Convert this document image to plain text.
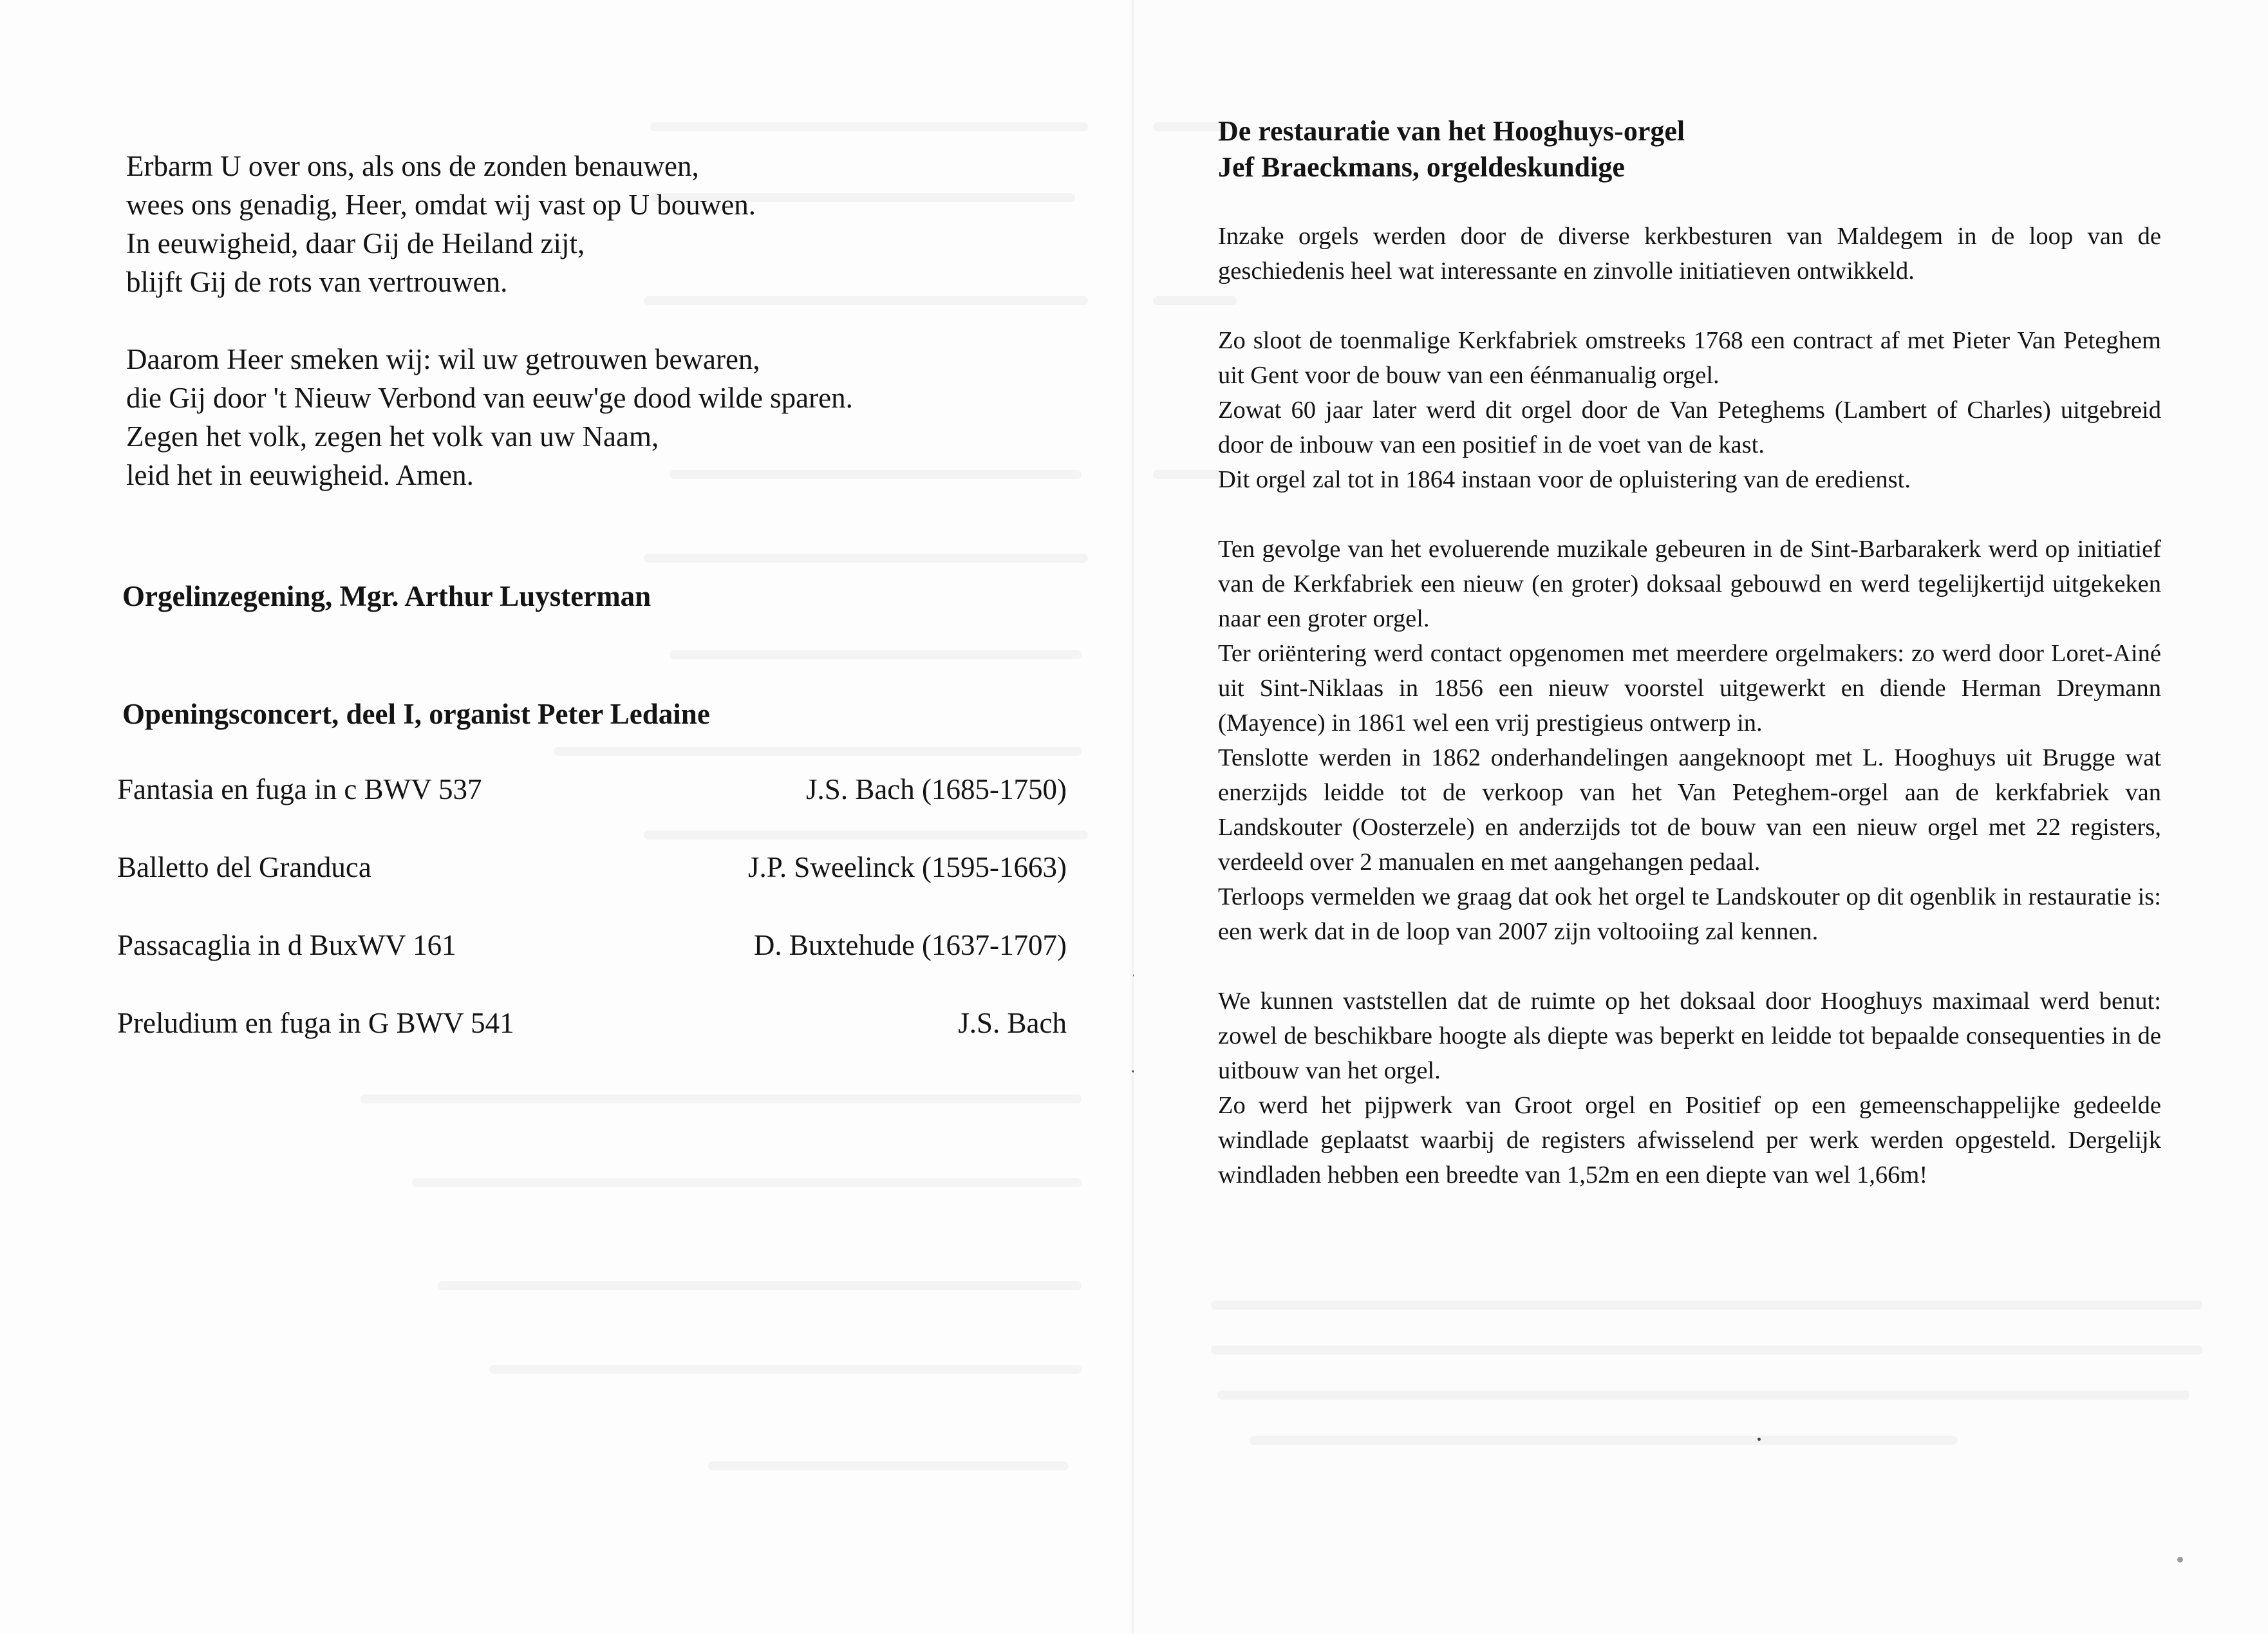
Erbarm U over ons, als ons de zonden benauwen,
wees ons genadig, Heer, omdat wij vast op U bouwen.
In eeuwigheid, daar Gij de Heiland zijt,
blijft Gij de rots van vertrouwen.
Daarom Heer smeken wij: wil uw getrouwen bewaren,
die Gij door 't Nieuw Verbond van eeuw'ge dood wilde sparen.
Zegen het volk, zegen het volk van uw Naam,
leid het in eeuwigheid. Amen.
Orgelinzegening, Mgr. Arthur Luysterman
Openingsconcert, deel I, organist Peter Ledaine
Fantasia en fuga in c BWV 537	J.S. Bach (1685-1750)
Balletto del Granduca	J.P. Sweelinck (1595-1663)
Passacaglia in d BuxWV 161	D. Buxtehude (1637-1707)
Preludium en fuga in G BWV 541	J.S. Bach
De restauratie van het Hooghuys-orgel
Jef Braeckmans, orgeldeskundige

Inzake orgels werden door de diverse kerkbesturen van Maldegem in de loop van de geschiedenis heel wat interessante en zinvolle initiatieven ontwikkeld.

Zo sloot de toenmalige Kerkfabriek omstreeks 1768 een contract af met Pieter Van Peteghem uit Gent voor de bouw van een éénmanualig orgel.

Zowat 60 jaar later werd dit orgel door de Van Peteghems (Lambert of Charles) uitgebreid door de inbouw van een positief in de voet van de kast.

Dit orgel zal tot in 1864 instaan voor de opluistering van de eredienst.

Ten gevolge van het evoluerende muzikale gebeuren in de Sint-Barbarakerk werd op initiatief van de Kerkfabriek een nieuw (en groter) doksaal gebouwd en werd tegelijkertijd uitgekeken naar een groter orgel.

Ter oriëntering werd contact opgenomen met meerdere orgelmakers: zo werd door Loret-Ainé uit Sint-Niklaas in 1856 een nieuw voorstel uitgewerkt en diende Herman Dreymann (Mayence) in 1861 wel een vrij prestigieus ontwerp in.

Tenslotte werden in 1862 onderhandelingen aangeknoopt met L. Hooghuys uit Brugge wat enerzijds leidde tot de verkoop van het Van Peteghem-orgel aan de kerkfabriek van Landskouter (Oosterzele) en anderzijds tot de bouw van een nieuw orgel met 22 registers, verdeeld over 2 manualen en met aangehangen pedaal.

Terloops vermelden we graag dat ook het orgel te Landskouter op dit ogenblik in restauratie is: een werk dat in de loop van 2007 zijn voltooiing zal kennen.

We kunnen vaststellen dat de ruimte op het doksaal door Hooghuys maximaal werd benut: zowel de beschikbare hoogte als diepte was beperkt en leidde tot bepaalde consequenties in de uitbouw van het orgel.

Zo werd het pijpwerk van Groot orgel en Positief op een gemeenschappelijke gedeelde windlade geplaatst waarbij de registers afwisselend per werk werden opgesteld. Dergelijk windladen hebben een breedte van 1,52m en een diepte van wel 1,66m!
